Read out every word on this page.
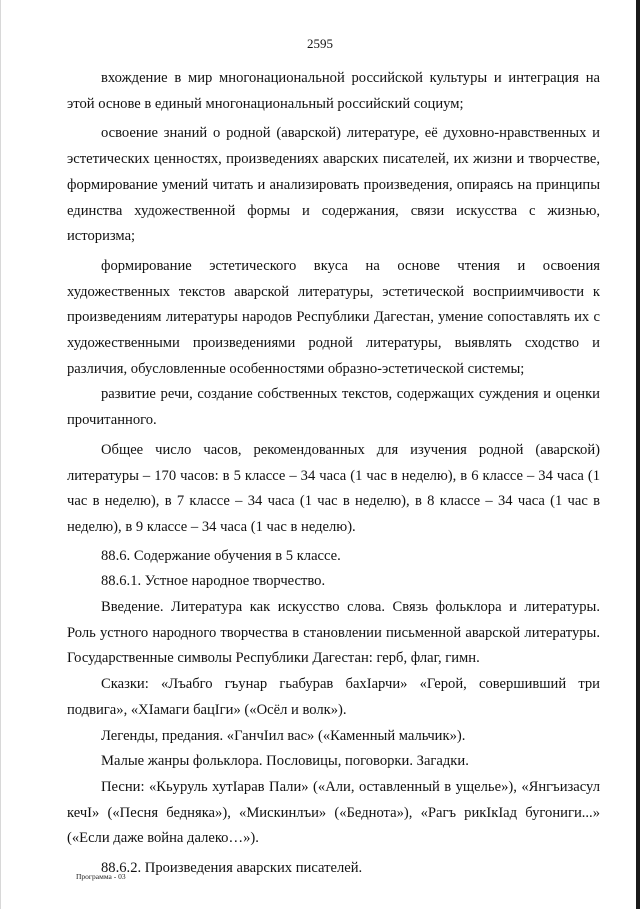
2595

вхождение в мир многонациональной российской культуры и интеграция на этой основе в единый многонациональный российский социум;

освоение знаний о родной (аварской) литературе, её духовно-нравственных и эстетических ценностях, произведениях аварских писателей, их жизни и творчестве, формирование умений читать и анализировать произведения, опираясь на принципы единства художественной формы и содержания, связи искусства с жизнью, историзма;

формирование эстетического вкуса на основе чтения и освоения художественных текстов аварской литературы, эстетической восприимчивости к произведениям литературы народов Республики Дагестан, умение сопоставлять их с художественными произведениями родной литературы, выявлять сходство и различия, обусловленные особенностями образно-эстетической системы;

развитие речи, создание собственных текстов, содержащих суждения и оценки прочитанного.

Общее число часов, рекомендованных для изучения родной (аварской) литературы – 170 часов: в 5 классе – 34 часа (1 час в неделю), в 6 классе – 34 часа (1 час в неделю), в 7 классе – 34 часа (1 час в неделю), в 8 классе – 34 часа (1 час в неделю), в 9 классе – 34 часа (1 час в неделю).

88.6. Содержание обучения в 5 классе.

88.6.1. Устное народное творчество.

Введение. Литература как искусство слова. Связь фольклора и литературы. Роль устного народного творчества в становлении письменной аварской литературы. Государственные символы Республики Дагестан: герб, флаг, гимн.

Сказки: «Лъабго гъунар гьабурав бахIарчи» «Герой, совершивший три подвига», «ХIамаги бацIги» («Осёл и волк»).

Легенды, предания. «ГанчIил вас» («Каменный мальчик»).

Малые жанры фольклора. Пословицы, поговорки. Загадки.

Песни: «Кьуруль хутIарав Пали» («Али, оставленный в ущелье»), «Янгъизасул кечI» («Песня бедняка»), «Мискинлъи» («Беднота»), «Рагъ рикIкIад бугониги...» («Если даже война далеко…»).

88.6.2. Произведения аварских писателей.

Программа - 03
